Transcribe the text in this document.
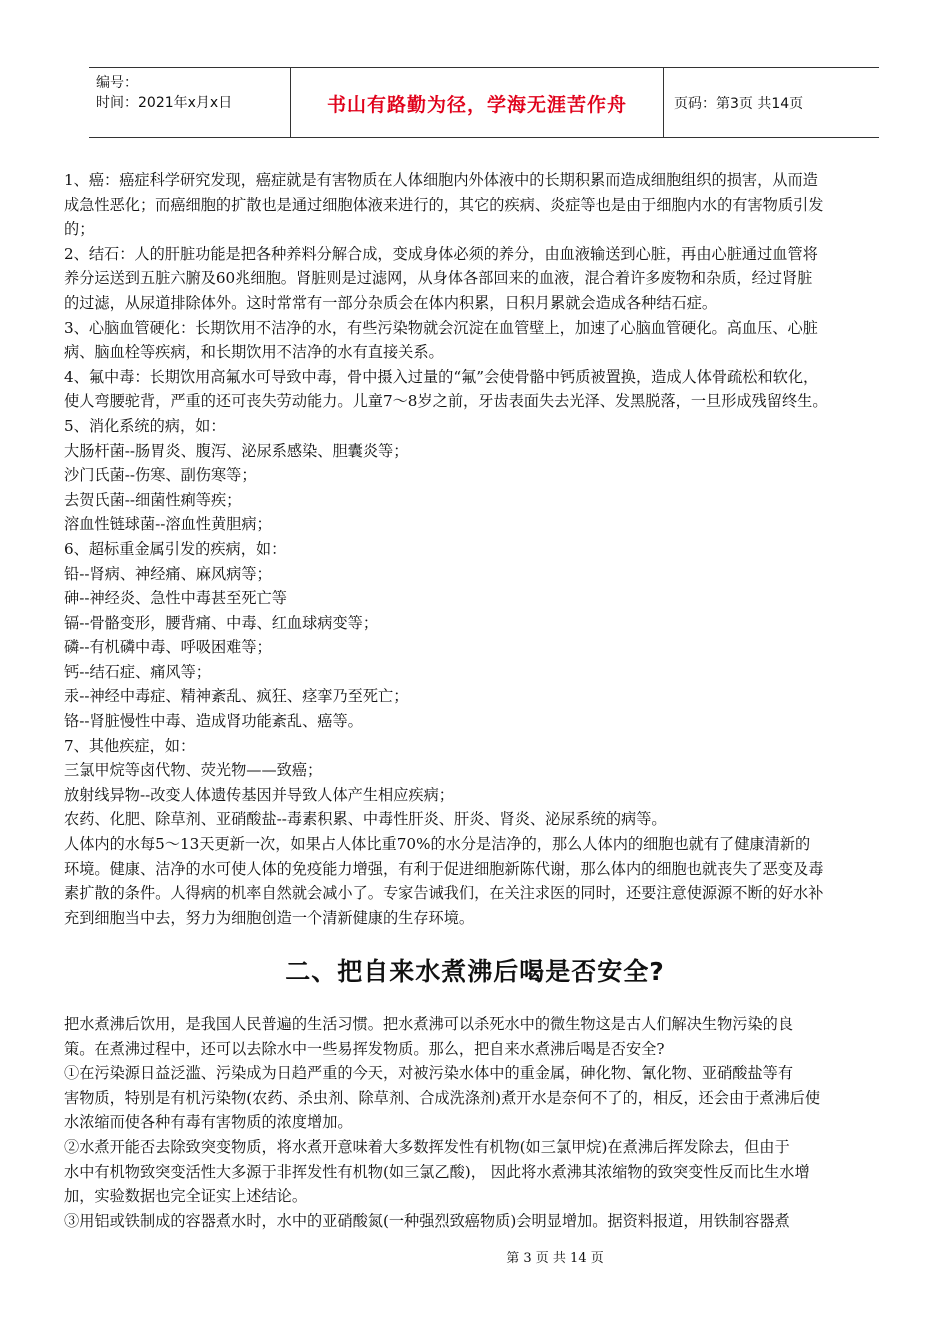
编号：
时间：2021年x月x日	书山有路勤为径，学海无涯苦作舟	页码：第3页 共14页

1、癌：癌症科学研究发现，癌症就是有害物质在人体细胞内外体液中的长期积累而造成细胞组织的损害，从而造

成急性恶化；而癌细胞的扩散也是通过细胞体液来进行的，其它的疾病、炎症等也是由于细胞内水的有害物质引发

的；

2、结石：人的肝脏功能是把各种养料分解合成，变成身体必须的养分，由血液输送到心脏，再由心脏通过血管将

养分运送到五脏六腑及60兆细胞。肾脏则是过滤网，从身体各部回来的血液，混合着许多废物和杂质，经过肾脏

的过滤，从尿道排除体外。这时常常有一部分杂质会在体内积累，日积月累就会造成各种结石症。

3、心脑血管硬化：长期饮用不洁净的水，有些污染物就会沉淀在血管壁上，加速了心脑血管硬化。高血压、心脏

病、脑血栓等疾病，和长期饮用不洁净的水有直接关系。

4、氟中毒：长期饮用高氟水可导致中毒，骨中摄入过量的“氟”会使骨骼中钙质被置换，造成人体骨疏松和软化，

使人弯腰驼背，严重的还可丧失劳动能力。儿童7～8岁之前，牙齿表面失去光泽、发黑脱落，一旦形成残留终生。

5、消化系统的病，如：

大肠杆菌--肠胃炎、腹泻、泌尿系感染、胆囊炎等；

沙门氏菌--伤寒、副伤寒等；

去贺氏菌--细菌性痢等疾；

溶血性链球菌--溶血性黄胆病；

6、超标重金属引发的疾病，如：

铅--肾病、神经痛、麻风病等；

砷--神经炎、急性中毒甚至死亡等

镉--骨骼变形，腰背痛、中毒、红血球病变等；

磷--有机磷中毒、呼吸困难等；

钙--结石症、痛风等；

汞--神经中毒症、精神紊乱、疯狂、痉挛乃至死亡；

铬--肾脏慢性中毒、造成肾功能紊乱、癌等。

7、其他疾症，如：

三氯甲烷等卤代物、荧光物——致癌；

放射线异物--改变人体遗传基因并导致人体产生相应疾病；

农药、化肥、除草剂、亚硝酸盐--毒素积累、中毒性肝炎、肝炎、肾炎、泌尿系统的病等。

人体内的水每5～13天更新一次，如果占人体比重70%的水分是洁净的，那么人体内的细胞也就有了健康清新的

环境。健康、洁净的水可使人体的免疫能力增强，有利于促进细胞新陈代谢，那么体内的细胞也就丧失了恶变及毒

素扩散的条件。人得病的机率自然就会减小了。专家告诫我们，在关注求医的同时，还要注意使源源不断的好水补

充到细胞当中去，努力为细胞创造一个清新健康的生存环境。

二、把自来水煮沸后喝是否安全?

把水煮沸后饮用，是我国人民普遍的生活习惯。把水煮沸可以杀死水中的微生物这是古人们解决生物污染的良

策。在煮沸过程中，还可以去除水中一些易挥发物质。那么，把自来水煮沸后喝是否安全?

①在污染源日益泛滥、污染成为日趋严重的今天，对被污染水体中的重金属，砷化物、氰化物、亚硝酸盐等有

害物质，特别是有机污染物(农药、杀虫剂、除草剂、合成洗涤剂)煮开水是奈何不了的，相反，还会由于煮沸后使

水浓缩而使各种有毒有害物质的浓度增加。

②水煮开能否去除致突变物质，将水煮开意味着大多数挥发性有机物(如三氯甲烷)在煮沸后挥发除去，但由于

水中有机物致突变活性大多源于非挥发性有机物(如三氯乙酸)， 因此将水煮沸其浓缩物的致突变性反而比生水增

加，实验数据也完全证实上述结论。

③用铝或铁制成的容器煮水时，水中的亚硝酸氮(一种强烈致癌物质)会明显增加。据资料报道，用铁制容器煮

第 3 页 共 14 页
